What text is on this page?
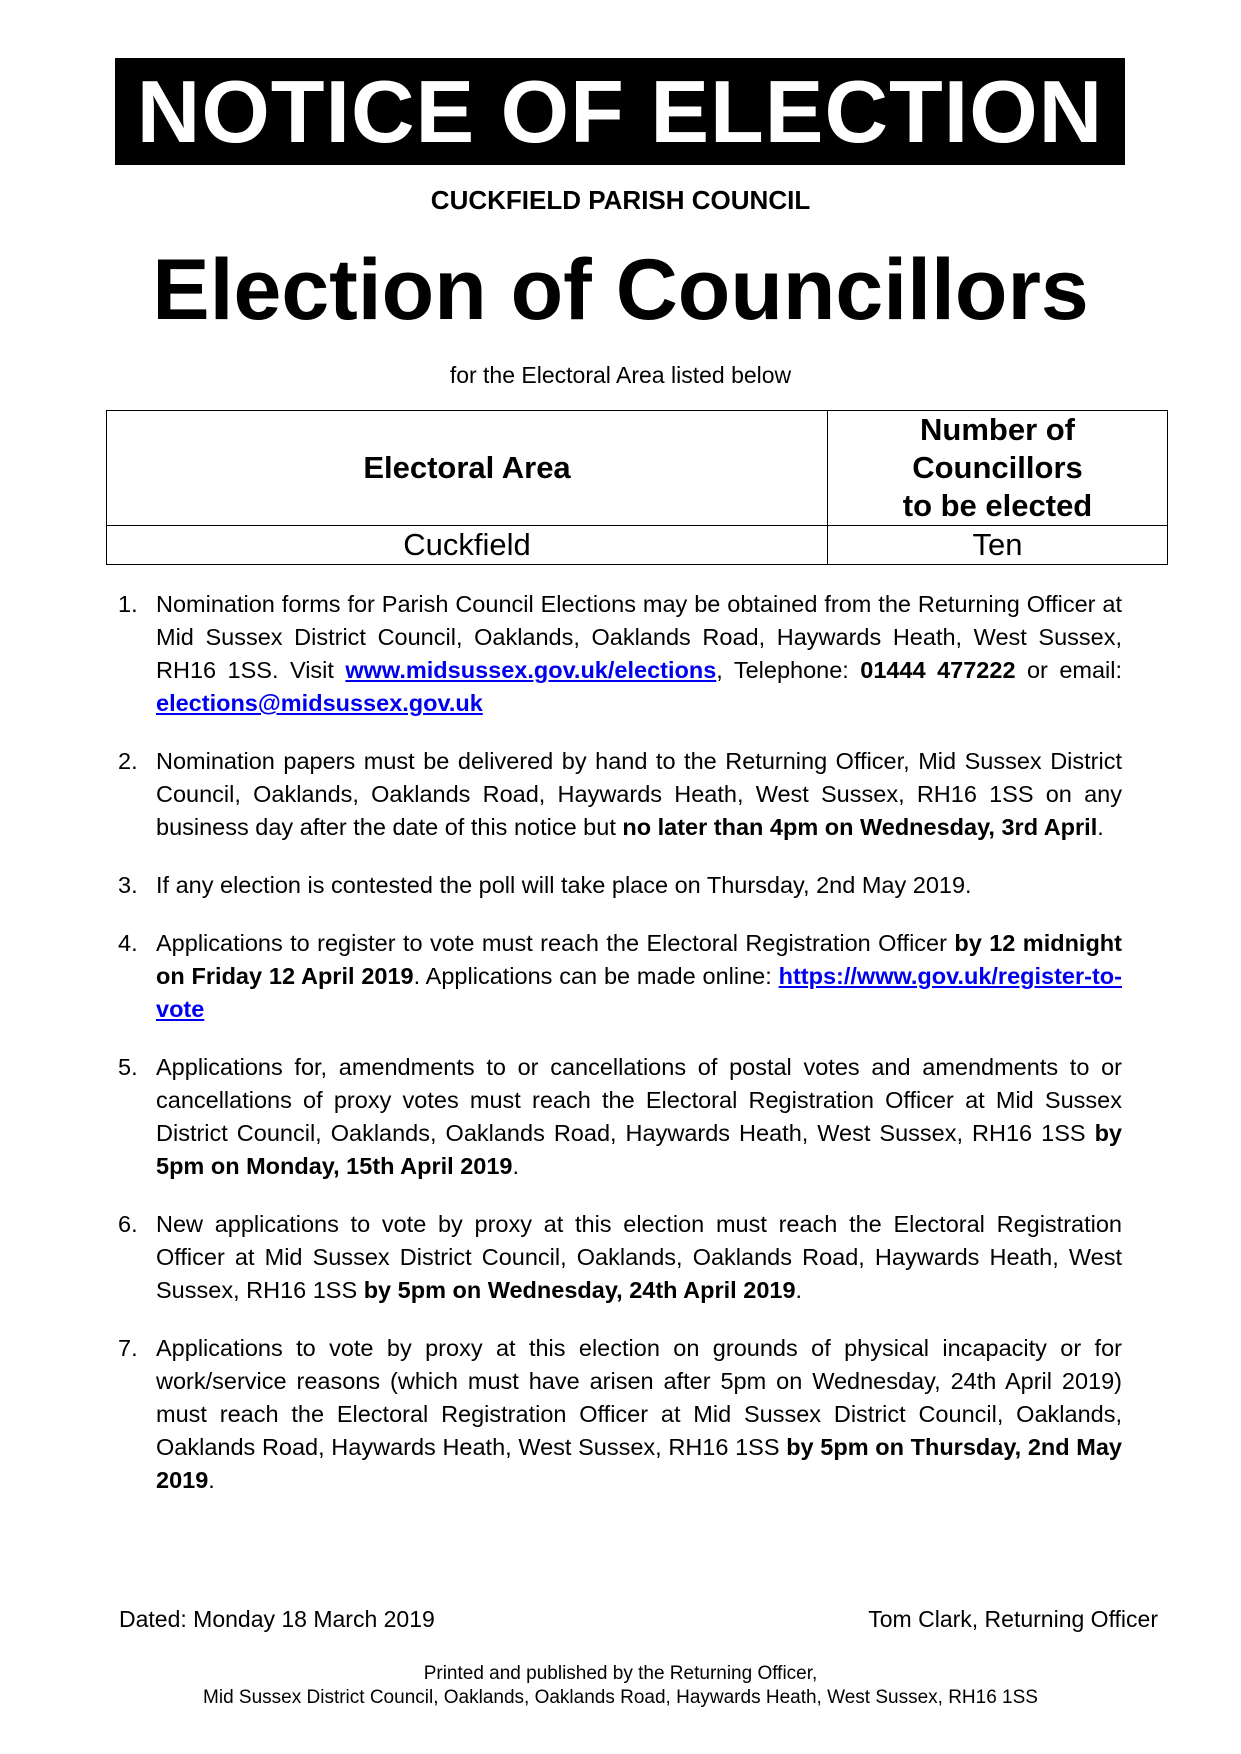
NOTICE OF ELECTION
CUCKFIELD PARISH COUNCIL
Election of Councillors
for the Electoral Area listed below
Electoral Area	Number of
Councillors
to be elected
Cuckfield	Ten
1. Nomination forms for Parish Council Elections may be obtained from the Returning Officer at Mid Sussex District Council, Oaklands, Oaklands Road, Haywards Heath, West Sussex, RH16 1SS. Visit www.midsussex.gov.uk/elections, Telephone: 01444 477222 or email: elections@midsussex.gov.uk
2. Nomination papers must be delivered by hand to the Returning Officer, Mid Sussex District Council, Oaklands, Oaklands Road, Haywards Heath, West Sussex, RH16 1SS on any business day after the date of this notice but no later than 4pm on Wednesday, 3rd April.
3. If any election is contested the poll will take place on Thursday, 2nd May 2019.
4. Applications to register to vote must reach the Electoral Registration Officer by 12 midnight on Friday 12 April 2019. Applications can be made online: https://www.gov.uk/register-to-vote
5. Applications for, amendments to or cancellations of postal votes and amendments to or cancellations of proxy votes must reach the Electoral Registration Officer at Mid Sussex District Council, Oaklands, Oaklands Road, Haywards Heath, West Sussex, RH16 1SS by 5pm on Monday, 15th April 2019.
6. New applications to vote by proxy at this election must reach the Electoral Registration Officer at Mid Sussex District Council, Oaklands, Oaklands Road, Haywards Heath, West Sussex, RH16 1SS by 5pm on Wednesday, 24th April 2019.
7. Applications to vote by proxy at this election on grounds of physical incapacity or for work/service reasons (which must have arisen after 5pm on Wednesday, 24th April 2019) must reach the Electoral Registration Officer at Mid Sussex District Council, Oaklands, Oaklands Road, Haywards Heath, West Sussex, RH16 1SS by 5pm on Thursday, 2nd May 2019.
Dated: Monday 18 March 2019	Tom Clark, Returning Officer
Printed and published by the Returning Officer,
Mid Sussex District Council, Oaklands, Oaklands Road, Haywards Heath, West Sussex, RH16 1SS
